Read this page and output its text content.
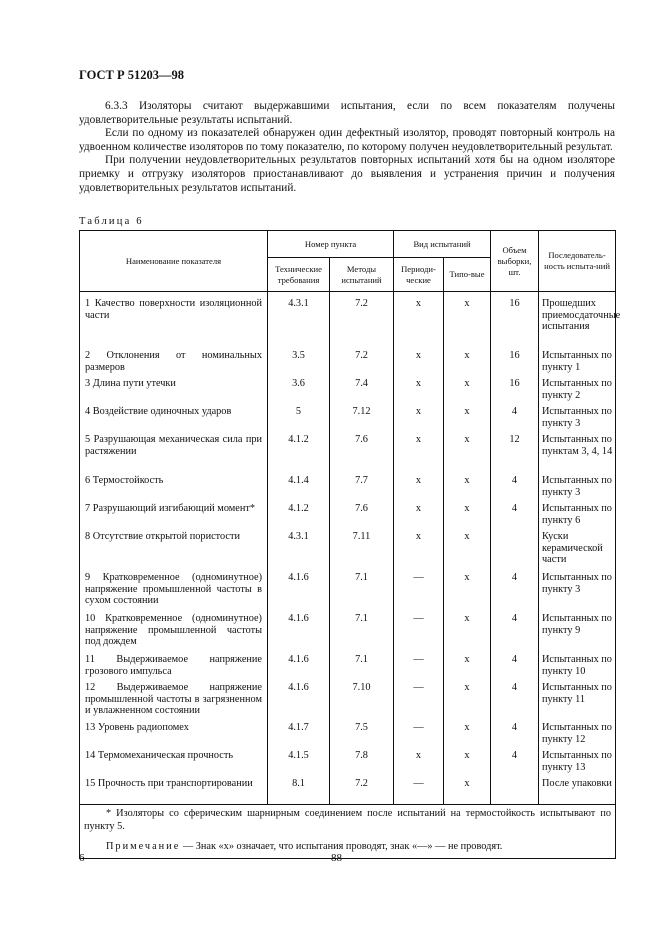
ГОСТ Р 51203—98

6.3.3 Изоляторы считают выдержавшими испытания, если по всем показателям получены удовлетворительные результаты испытаний.

Если по одному из показателей обнаружен один дефектный изолятор, проводят повторный контроль на удвоенном количестве изоляторов по тому показателю, по которому получен неудовлетворительный результат.

При получении неудовлетворительных результатов повторных испытаний хотя бы на одном изоляторе приемку и отгрузку изоляторов приостанавливают до выявления и устранения причин и получения удовлетворительных результатов испытаний.

Таблица 6
Наименование показателя	Номер пункта		Вид испытаний		Объем выборки, шт.	Последователь-ность испыта-ний
	Технические требования	Методы испытаний	Периоди-ческие	Типо-вые		
1 Качество поверхности изоляционной части	4.3.1	7.2	x	x	16	Прошедших приемосдаточные испытания
2 Отклонения от номинальных размеров	3.5	7.2	x	x	16	Испытанных по пункту 1
3 Длина пути утечки	3.6	7.4	x	x	16	Испытанных по пункту 2
4 Воздействие одиночных ударов	5	7.12	x	x	4	Испытанных по пункту 3
5 Разрушающая механическая сила при растяжении	4.1.2	7.6	x	x	12	Испытанных по пунктам 3, 4, 14
6 Термостойкость	4.1.4	7.7	x	x	4	Испытанных по пункту 3
7 Разрушающий изгибающий момент*	4.1.2	7.6	x	x	4	Испытанных по пункту 6
8 Отсутствие открытой пористости	4.3.1	7.11	x	x		Куски керамической части
9 Кратковременное (одноминутное) напряжение промышленной частоты в сухом состоянии	4.1.6	7.1	—	x	4	Испытанных по пункту 3
10 Кратковременное (одноминутное) напряжение промышленной частоты под дождем	4.1.6	7.1	—	x	4	Испытанных по пункту 9
11 Выдерживаемое напряжение грозового импульса	4.1.6	7.1	—	x	4	Испытанных по пункту 10
12 Выдерживаемое напряжение промышленной частоты в загрязненном и увлажненном состоянии	4.1.6	7.10	—	x	4	Испытанных по пункту 11
13 Уровень радиопомех	4.1.7	7.5	—	x	4	Испытанных по пункту 12
14 Термомеханическая прочность	4.1.5	7.8	x	x	4	Испытанных по пункту 13
15 Прочность при транспортировании	8.1	7.2	—	x		После упаковки

* Изоляторы со сферическим шарнирным соединением после испытаний на термостойкость испытывают по пункту 5.

Примечание — Знак «x» означает, что испытания проводят, знак «—» — не проводят.						

6	88
